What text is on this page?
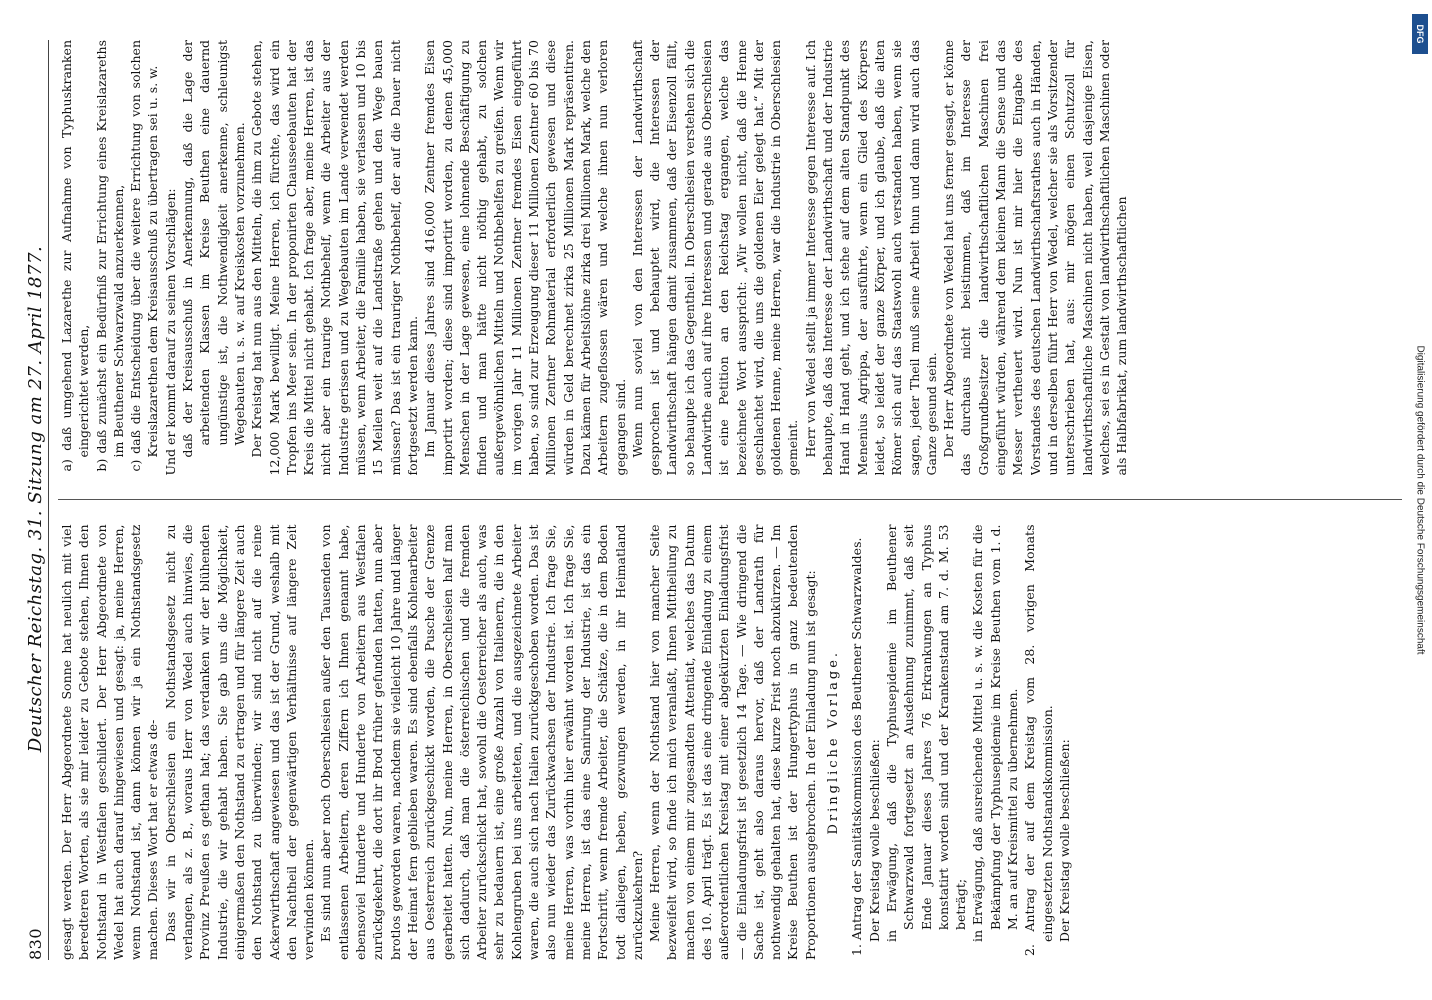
830
Deutscher Reichstag. 31. Sitzung am 27. April 1877. gesagt werden. Der Herr Abgeordnete Sonne hat neulich mit viel beredteren Worten, als sie mir leider zu Gebote stehen, Ihnen den Nothstand in Westfalen geschildert. Der Herr Abgeordnete von Wedel hat auch darauf hingewiesen und gesagt: ja, meine Herren, wenn Nothstand ist, dann können wir ja ein Nothstandsgesetz machen. Dieses Wort hat er etwas de- Dass wir in Oberschlesien ein Nothstandsgesetz nicht zu verlangen, als z. B., woraus Herr von Wedel auch hinwies, die Provinz Preußen es gethan hat; das verdanken wir der blühenden Industrie, die wir gehabt haben. Sie gab uns die Möglichkeit, einigermaßen den Nothstand zu ertragen und für längere Zeit auch den Nothstand zu überwinden; wir sind nicht auf die reine Ackerwirthschaft angewiesen und das ist der Grund, weshalb mit den Nachtheil der gegenwärtigen Verhältnisse auf längere Zeit verwinden können. Es sind nun aber noch Oberschlesien außer den Tausenden von entlassenen Arbeitern, deren Ziffern ich Ihnen genannt habe, ebensoviel Hunderte und Hunderte von Arbeitern aus Westfalen zurückgekehrt, die dort ihr Brod früher gefunden hatten, nun aber brotlos geworden waren, nachdem sie vielleicht 10 Jahre und länger der Heimat fern geblieben waren. Es sind ebenfalls Kohlenarbeiter aus Oesterreich zurückgeschickt worden, die Pusche der Grenze gearbeitet hatten. Nun, meine Herren, in Oberschlesien half man sich dadurch, daß man die österreichischen und die fremden Arbeiter zurückschickt hat, sowohl die Oesterreicher als auch, was sehr zu bedauern ist, eine große Anzahl von Italienern, die in den Kohlengruben bei uns arbeiteten, und die ausgezeichnete Arbeiter waren, die auch sich nach Italien zurückgeschoben worden. Das ist also nun wieder das Zurückwachsen der Industrie. Ich frage Sie, meine Herren, was vorhin hier erwähnt worden ist. Ich frage Sie, meine Herren, ist das eine Sanirung der Industrie, ist das ein Fortschritt, wenn fremde Arbeiter, die Schätze, die in dem Boden todt daliegen, heben, gezwungen werden, in ihr Heimatland zurückzukehren? Meine Herren, wenn der Nothstand hier von mancher Seite bezweifelt wird, so finde ich mich veranlaßt, Ihnen Mittheilung zu machen von einem mir zugesandten Attentiat, welches das Datum des 10. April trägt. Es ist das eine dringende Einladung zu einem außerordentlichen Kreistag mit einer abgekürzten Einladungsfrist — die Einladungsfrist ist gesetzlich 14 Tage. — Wie dringend die Sache ist, geht also daraus hervor, daß der Landrath für nothwendig gehalten hat, diese kurze Frist noch abzukürzen. — Im Kreise Beuthen ist der Hungertyphus in ganz bedeutenden Proportionen ausgebrochen. In der Einladung nun ist gesagt: Dringliche Vorlage. 1. Antrag der Sanitätskommission des Beuthener Schwarzwaldes. Der Kreistag wolle beschließen: in Erwägung, daß die Typhusepidemie im Beuthener Schwarzwald fortgesetzt an Ausdehnung zunimmt, daß seit Ende Januar dieses Jahres 76 Erkrankungen an Typhus konstatirt worden sind und der Krankenstand am 7. d. M. 53 beträgt; in Erwägung, daß ausreichende Mittel u. s. w. die Kosten für die Bekämpfung der Typhusepidemie im Kreise Beuthen vom 1. d. M. an auf Kreismittel zu übernehmen. 2. Antrag der auf dem Kreistag vom 28. vorigen Monats eingesetzten Nothstandskommission. Der Kreistag wolle beschließen:

a) daß umgehend Lazarethe zur Aufnahme von Typhuskranken eingerichtet werden, b) daß zunächst ein Bedürfniß zur Errichtung eines Kreislazareths im Beuthener Schwarzwald anzuerkennen, c) daß die Entscheidung über die weitere Errichtung von solchen Kreislazarethen dem Kreisausschuß zu übertragen sei u. s. w. Und er kommt darauf zu seinen Vorschlägen: daß der Kreisausschuß in Anerkennung, daß die Lage der arbeitenden Klassen im Kreise Beuthen eine dauernd ungünstige ist, die Nothwendigkeit anerkenne, schleunigst Wegebauten u. s. w. auf Kreiskosten vorzunehmen. Der Kreistag hat nun aus den Mitteln, die ihm zu Gebote stehen, 12,000 Mark bewilligt. Meine Herren, ich fürchte, das wird ein Tropfen ins Meer sein. In der proponirten Chausseebauten hat der Kreis die Mittel nicht gehabt. Ich frage aber, meine Herren, ist das nicht aber ein traurige Nothbehelf, wenn die Arbeiter aus der Industrie gerissen und zu Wegebauten im Lande verwendet werden müssen, wenn Arbeiter, die Familie haben, sie verlassen und 10 bis 15 Meilen weit auf die Landstraße gehen und den Wege bauen müssen? Das ist ein trauriger Nothbehelf, der auf die Dauer nicht fortgesetzt werden kann. Im Januar dieses Jahres sind 416,000 Zentner fremdes Eisen importirt worden; diese sind importirt worden, zu denen 45,000 Menschen in der Lage gewesen, eine lohnende Beschäftigung zu finden und man hätte nicht nöthig gehabt, zu solchen außergewöhnlichen Mitteln und Nothbehelfen zu greifen. Wenn wir im vorigen Jahr 11 Millionen Zentner fremdes Eisen eingeführt haben, so sind zur Erzeugung dieser 11 Millionen Zentner 60 bis 70 Millionen Zentner Rohmaterial erforderlich gewesen und diese würden in Geld berechnet zirka 25 Millionen Mark repräsentiren. Dazu kämen für Arbeitslöhne zirka drei Millionen Mark, welche den Arbeitern zugeflossen wären und welche ihnen nun verloren gegangen sind. Wenn nun soviel von den Interessen der Landwirthschaft gesprochen ist und behauptet wird, die Interessen der Landwirthschaft hängen damit zusammen, daß der Eisenzoll fällt, so behaupte ich das Gegentheil. In Oberschlesien verstehen sich die Landwirthe auch auf ihre Interessen und gerade aus Oberschlesien ist eine Petition an den Reichstag ergangen, welche das bezeichnete Wort ausspricht: „Wir wollen nicht, daß die Henne geschlachtet wird, die uns die goldenen Eier gelegt hat.“ Mit der goldenen Henne, meine Herren, war die Industrie in Oberschlesien gemeint. Herr von Wedel stellt ja immer Interesse gegen Interesse auf. Ich behaupte, daß das Interesse der Landwirthschaft und der Industrie Hand in Hand geht, und ich stehe auf dem alten Standpunkt des Menenius Agrippa, der ausführte, wenn ein Glied des Körpers leidet, so leidet der ganze Körper, und ich glaube, daß die alten Römer sich auf das Staatswohl auch verstanden haben, wenn sie sagen, jeder Theil muß seine Arbeit thun und dann wird auch das Ganze gesund sein. Der Herr Abgeordnete von Wedel hat uns ferner gesagt, er könne das durchaus nicht beistimmen, daß im Interesse der Großgrundbesitzer die landwirthschaftlichen Maschinen frei eingeführt würden, während dem kleinen Mann die Sense und das Messer vertheuert wird. Nun ist mir hier die Eingabe des Vorstandes des deutschen Landwirthschaftsrathes auch in Händen, und in derselben führt Herr von Wedel, welcher sie als Vorsitzender unterschrieben hat, aus: mir mögen einen Schutzzoll für landwirthschaftliche Maschinen nicht haben, weil dasjenige Eisen, welches, sei es in Gestalt von landwirthschaftlichen Maschinen oder als Halbfabrikat, zum landwirthschaftlichen

Digitalisierung gefördert durch die Deutsche Forschungsgemeinschaft
DFG
